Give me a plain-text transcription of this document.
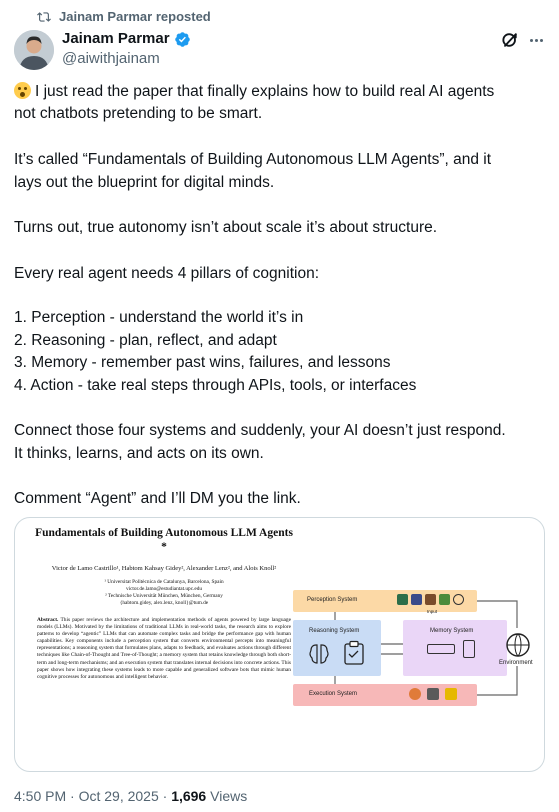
Jainam Parmar reposted
Jainam Parmar
@aiwithjainam
I just read the paper that finally explains how to build real AI agents
not chatbots pretending to be smart.
It’s called “Fundamentals of Building Autonomous LLM Agents”, and it
lays out the blueprint for digital minds.
Turns out, true autonomy isn’t about scale it’s about structure.
Every real agent needs 4 pillars of cognition:
1. Perception - understand the world it’s in
2. Reasoning - plan, reflect, and adapt
3. Memory - remember past wins, failures, and lessons
4. Action - take real steps through APIs, tools, or interfaces
Connect those four systems and suddenly, your AI doesn’t just respond.
It thinks, learns, and acts on its own.
Comment “Agent” and I’ll DM you the link.
Fundamentals of Building Autonomous LLM Agents *
Victor de Lamo Castrillo¹, Habtom Kahsay Gidey², Alexander Lenz², and Alois Knoll²
¹ Universitat Politècnica de Catalunya, Barcelona, Spain
victor.de.lamo@estudiantat.upc.edu
² Technische Universität München, München, Germany
{habtom.gidey, alex.lenz, knoll}@tum.de
Abstract. This paper reviews the architecture and implementation methods of agents powered by large language models (LLMs). Motivated by the limitations of traditional LLMs in real-world tasks, the research aims to explore patterns to develop “agentic” LLMs that can automate complex tasks and bridge the performance gap with human capabilities. Key components include a perception system that converts environmental percepts into meaningful representations; a reasoning system that formulates plans, adapts to feedback, and evaluates actions through different techniques like Chain-of-Thought and Tree-of-Thought; a memory system that retains knowledge through both short-term and long-term mechanisms; and an execution system that translates internal decisions into concrete actions. This paper shows how integrating these systems leads to more capable and generalized software bots that mimic human cognitive processes for autonomous and intelligent behavior.
Perception System
Input
Reasoning System	Memory System
Execution System
Environment
4:50 PM · Oct 29, 2025 · 1,696 Views
